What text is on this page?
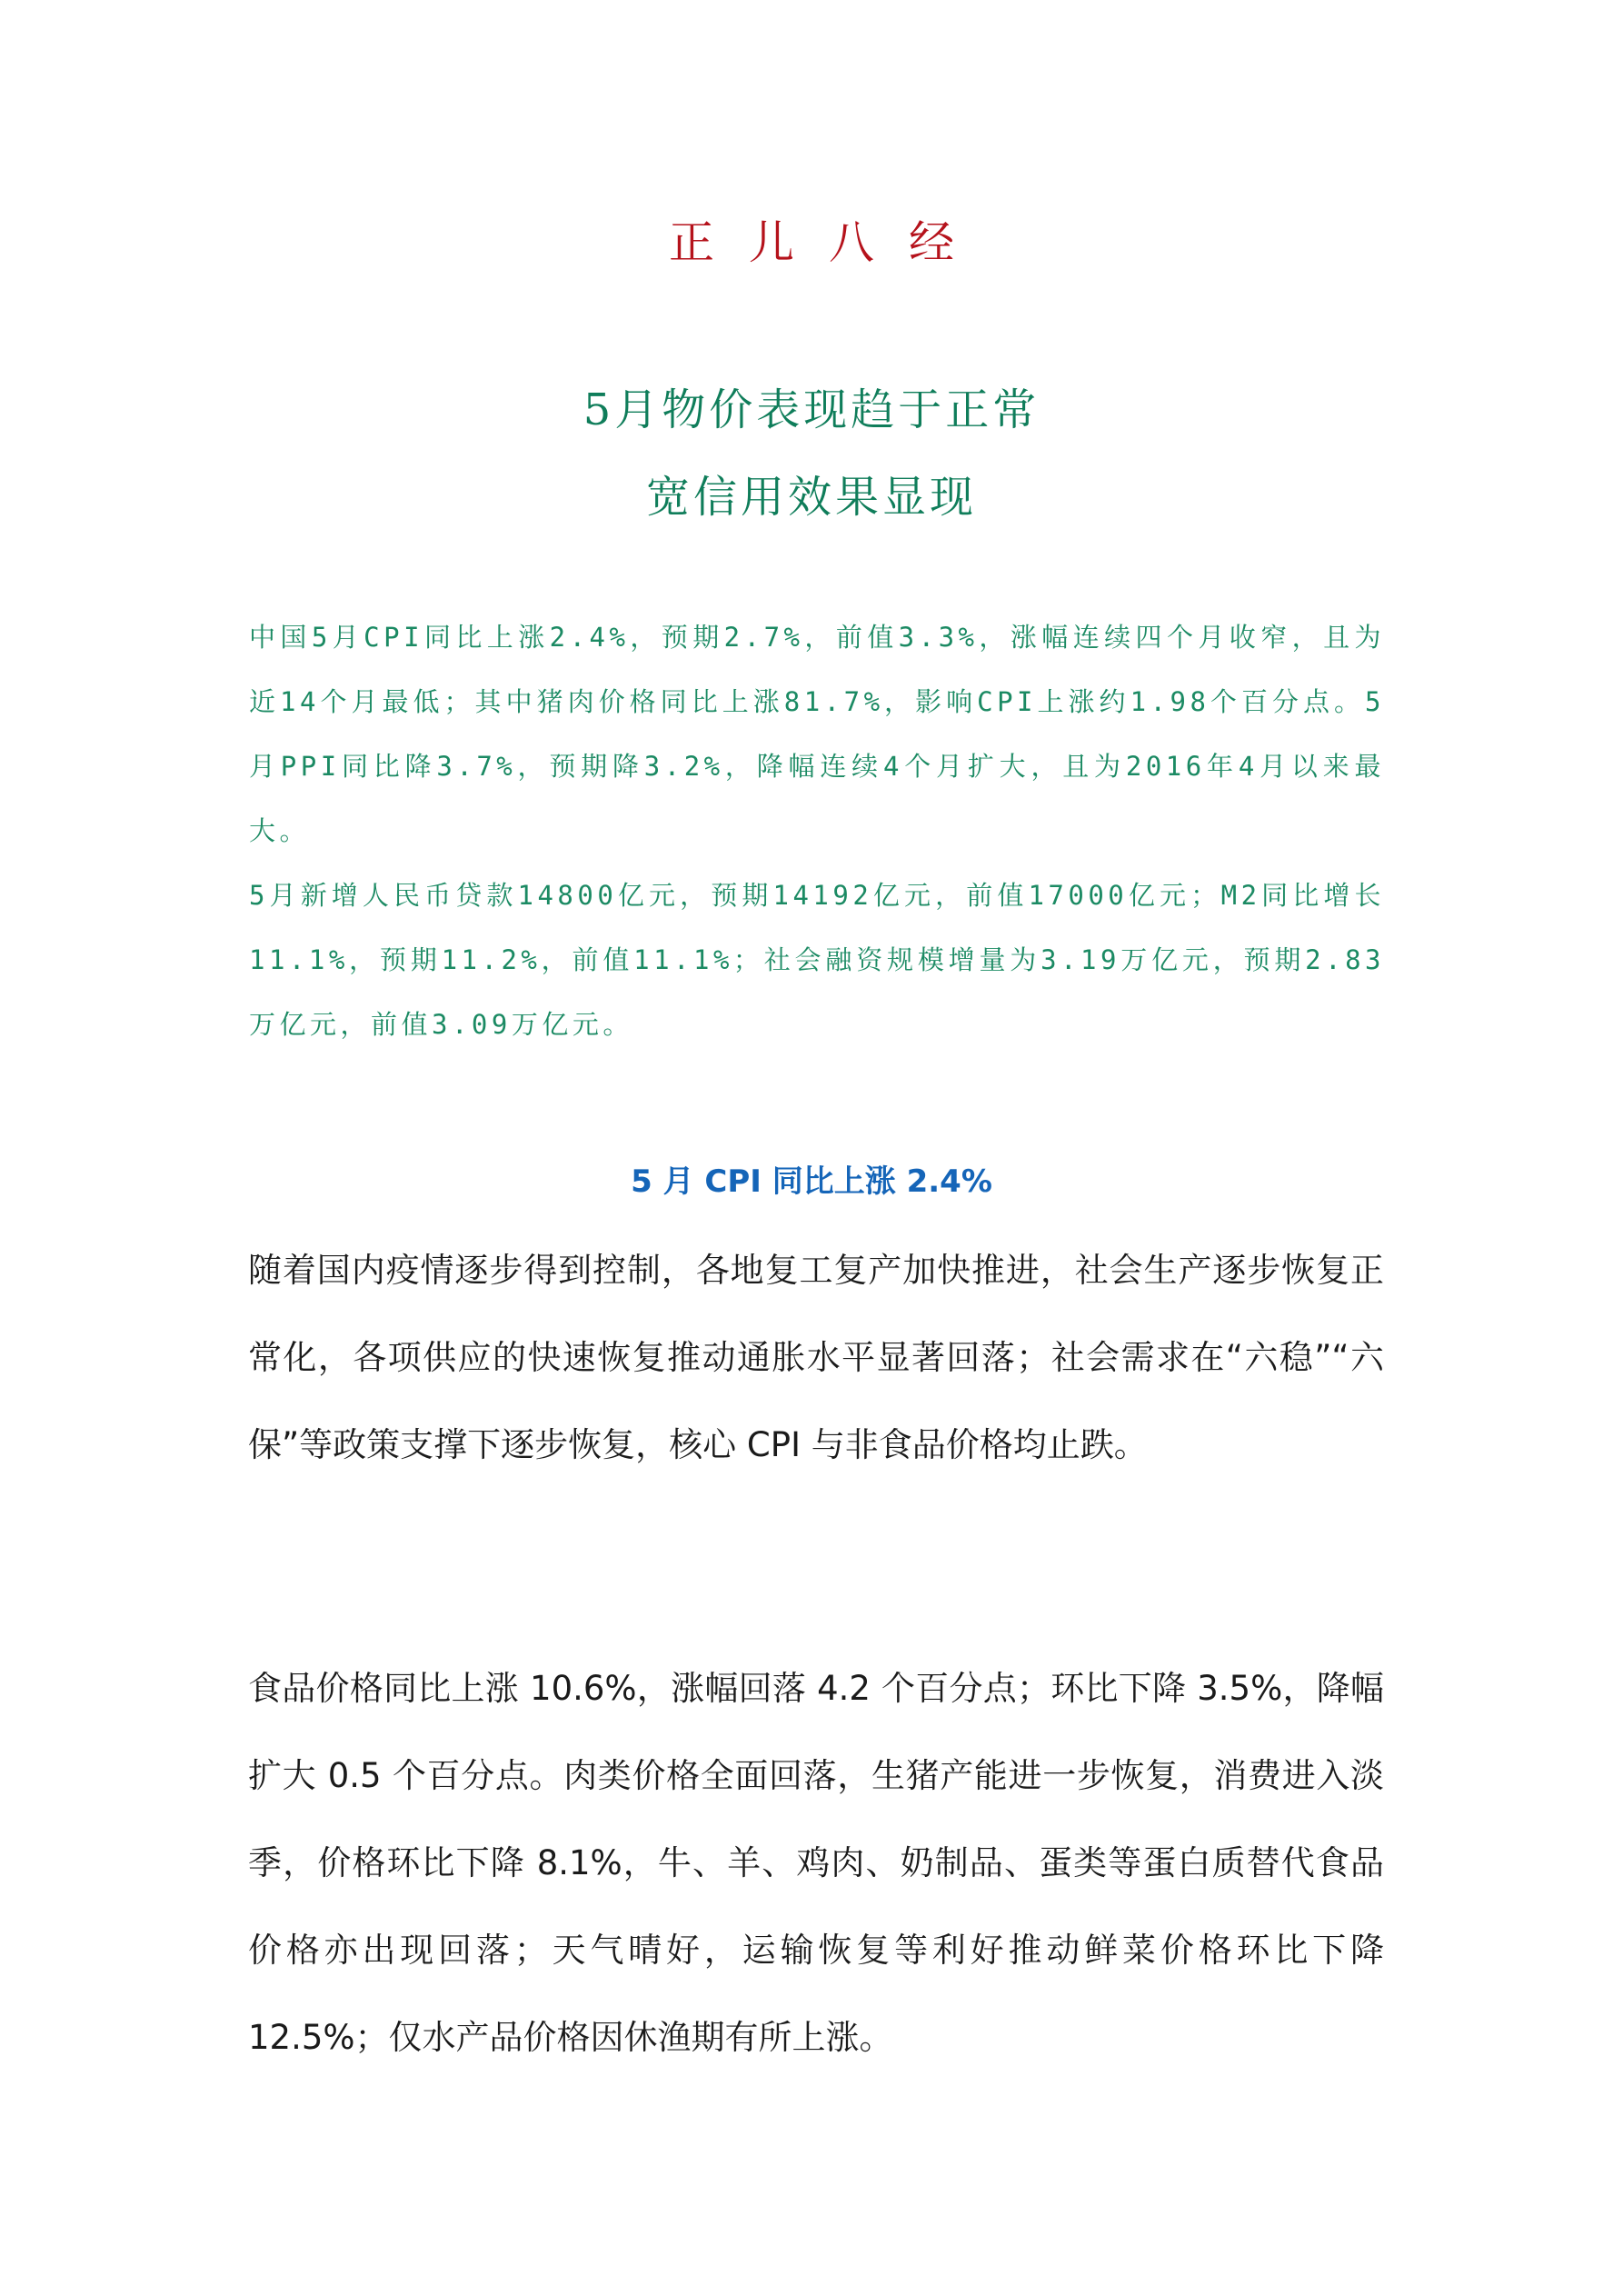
正儿八经
5月物价表现趋于正常
宽信用效果显现

中国5月CPI同比上涨2.4%，预期2.7%，前值3.3%，涨幅连续四个月收窄，且为近14个月最低；其中猪肉价格同比上涨81.7%，影响CPI上涨约1.98个百分点。5月PPI同比降3.7%，预期降3.2%，降幅连续4个月扩大，且为2016年4月以来最大。

5月新增人民币贷款14800亿元，预期14192亿元，前值17000亿元；M2同比增长11.1%，预期11.2%，前值11.1%；社会融资规模增量为3.19万亿元，预期2.83万亿元，前值3.09万亿元。

5 月 CPI 同比上涨 2.4%

随着国内疫情逐步得到控制，各地复工复产加快推进，社会生产逐步恢复正常化，各项供应的快速恢复推动通胀水平显著回落；社会需求在“六稳”“六保”等政策支撑下逐步恢复，核心 CPI 与非食品价格均止跌。

食品价格同比上涨 10.6%，涨幅回落 4.2 个百分点；环比下降 3.5%，降幅扩大 0.5 个百分点。肉类价格全面回落，生猪产能进一步恢复，消费进入淡季，价格环比下降 8.1%，牛、羊、鸡肉、奶制品、蛋类等蛋白质替代食品价格亦出现回落；天气晴好，运输恢复等利好推动鲜菜价格环比下降 12.5%；仅水产品价格因休渔期有所上涨。
